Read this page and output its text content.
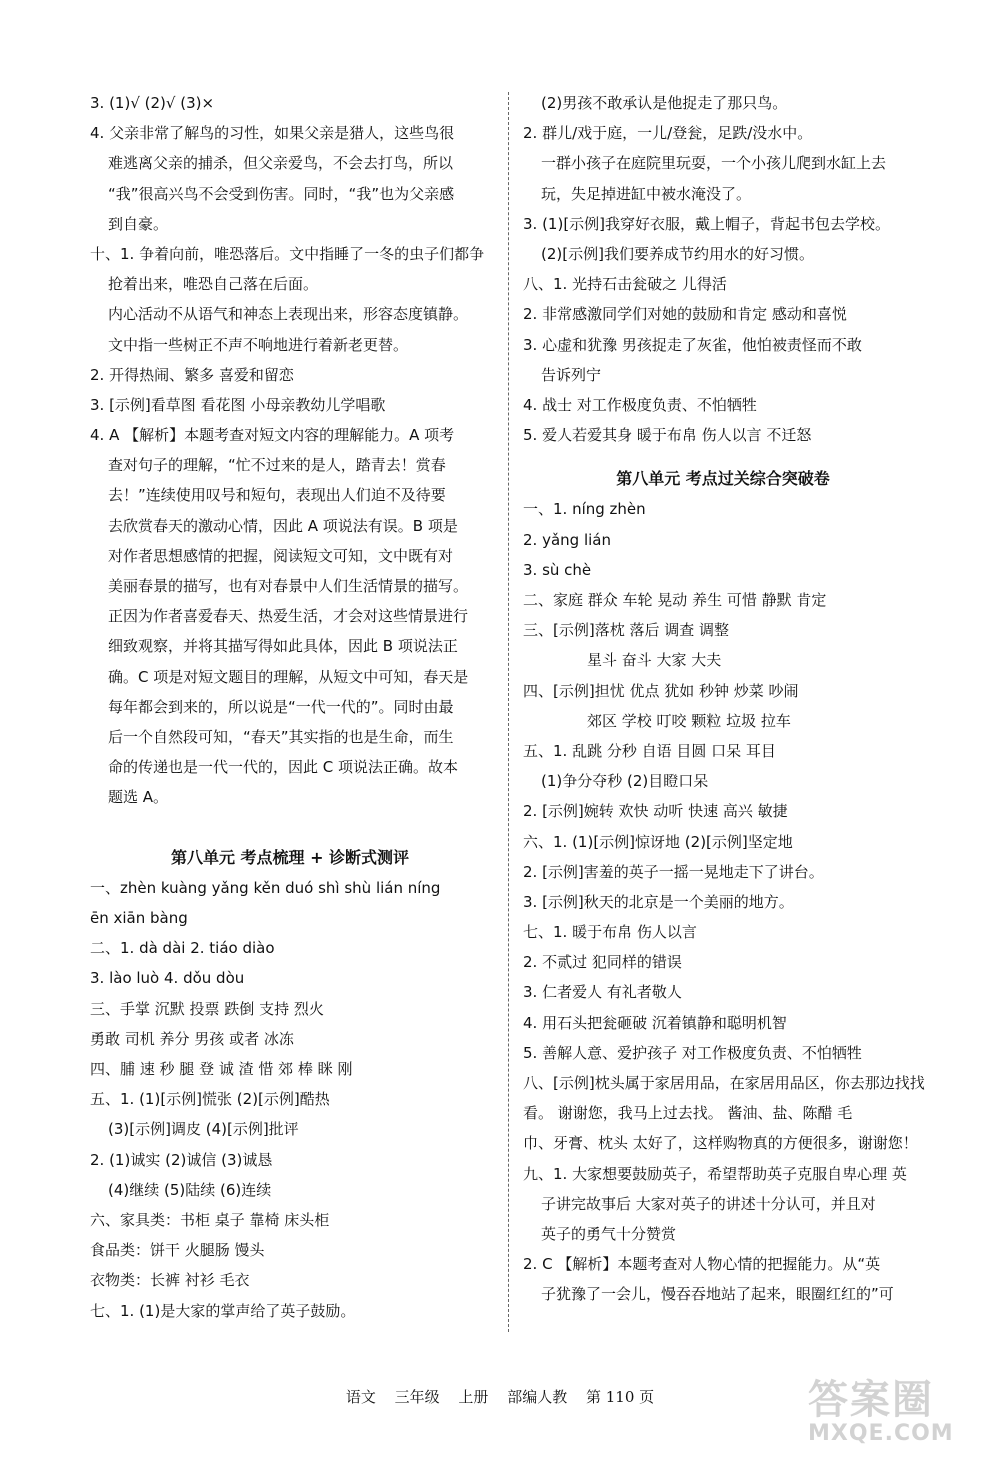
3. (1)√ (2)√ (3)×
4. 父亲非常了解鸟的习性，如果父亲是猎人，这些鸟很
难逃离父亲的捕杀，但父亲爱鸟，不会去打鸟，所以
“我”很高兴鸟不会受到伤害。同时，“我”也为父亲感
到自豪。
十、1. 争着向前，唯恐落后。文中指睡了一冬的虫子们都争
抢着出来，唯恐自己落在后面。
内心活动不从语气和神态上表现出来，形容态度镇静。
文中指一些树正不声不响地进行着新老更替。
2. 开得热闹、繁多 喜爱和留恋
3. [示例]看草图 看花图 小母亲教幼儿学唱歌
4. A 【解析】本题考查对短文内容的理解能力。A 项考
查对句子的理解，“忙不过来的是人，踏青去！赏春
去！”连续使用叹号和短句，表现出人们迫不及待要
去欣赏春天的激动心情，因此 A 项说法有误。B 项是
对作者思想感情的把握，阅读短文可知，文中既有对
美丽春景的描写，也有对春景中人们生活情景的描写。
正因为作者喜爱春天、热爱生活，才会对这些情景进行
细致观察，并将其描写得如此具体，因此 B 项说法正
确。C 项是对短文题目的理解，从短文中可知，春天是
每年都会到来的，所以说是“一代一代的”。同时由最
后一个自然段可知，“春天”其实指的也是生命，而生
命的传递也是一代一代的，因此 C 项说法正确。故本
题选 A。
第八单元 考点梳理 + 诊断式测评
一、zhèn kuàng yǎng kěn duó shì shù lián níng
ēn xiān bàng
二、1. dà dài 2. tiáo diào
3. lào luò 4. dǒu dòu
三、手掌 沉默 投票 跌倒 支持 烈火
勇敢 司机 养分 男孩 或者 冰冻
四、脯 速 秒 腿 登 诚 渣 惜 郊 棒 眯 刚
五、1. (1)[示例]慌张 (2)[示例]酷热
(3)[示例]调皮 (4)[示例]批评
2. (1)诚实 (2)诚信 (3)诚恳
(4)继续 (5)陆续 (6)连续
六、家具类：书柜 桌子 靠椅 床头柜
食品类：饼干 火腿肠 馒头
衣物类：长裤 衬衫 毛衣
七、1. (1)是大家的掌声给了英子鼓励。
(2)男孩不敢承认是他捉走了那只鸟。
2. 群儿/戏于庭，一儿/登瓮，足跌/没水中。
一群小孩子在庭院里玩耍，一个小孩儿爬到水缸上去
玩，失足掉进缸中被水淹没了。
3. (1)[示例]我穿好衣服，戴上帽子，背起书包去学校。
(2)[示例]我们要养成节约用水的好习惯。
八、1. 光持石击瓮破之 儿得活
2. 非常感激同学们对她的鼓励和肯定 感动和喜悦
3. 心虚和犹豫 男孩捉走了灰雀，他怕被责怪而不敢
告诉列宁
4. 战士 对工作极度负责、不怕牺牲
5. 爱人若爱其身 暖于布帛 伤人以言 不迁怒
第八单元 考点过关综合突破卷
一、1. níng zhèn
2. yǎng lián
3. sù chè
二、家庭 群众 车轮 晃动 养生 可惜 静默 肯定
三、[示例]落枕 落后 调查 调整
星斗 奋斗 大家 大夫
四、[示例]担忧 优点 犹如 秒钟 炒菜 吵闹
郊区 学校 叮咬 颗粒 垃圾 拉车
五、1. 乱跳 分秒 自语 目圆 口呆 耳目
(1)争分夺秒 (2)目瞪口呆
2. [示例]婉转 欢快 动听 快速 高兴 敏捷
六、1. (1)[示例]惊讶地 (2)[示例]坚定地
2. [示例]害羞的英子一摇一晃地走下了讲台。
3. [示例]秋天的北京是一个美丽的地方。
七、1. 暖于布帛 伤人以言
2. 不贰过 犯同样的错误
3. 仁者爱人 有礼者敬人
4. 用石头把瓮砸破 沉着镇静和聪明机智
5. 善解人意、爱护孩子 对工作极度负责、不怕牺牲
八、[示例]枕头属于家居用品，在家居用品区，你去那边找找
看。 谢谢您，我马上过去找。 酱油、盐、陈醋 毛
巾、牙膏、枕头 太好了，这样购物真的方便很多，谢谢您！
九、1. 大家想要鼓励英子，希望帮助英子克服自卑心理 英
子讲完故事后 大家对英子的讲述十分认可，并且对
英子的勇气十分赞赏
2. C 【解析】本题考查对人物心情的把握能力。从“英
子犹豫了一会儿，慢吞吞地站了起来，眼圈红红的”可
语文 三年级 上册 部编人教 第 110 页	答案圈
MXQE.COM
